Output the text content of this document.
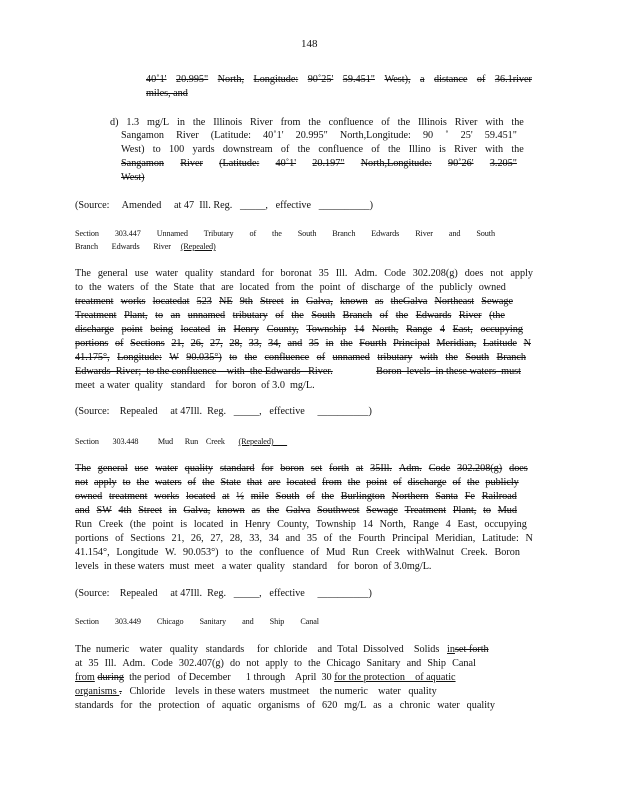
148
40˚1' 20.995" North, Longitude: 90˚25' 59.451" West), a distance of 36.1river
miles, and
d) 1.3 mg/L in the Illinois River from the confluence of the Illinois River with the
Sangamon River (Latitude: 40˚1' 20.995" North,Longitude: 90 ˚ 25' 59.451"
West) to 100 yards downstream of the confluence of the Illino is River with the
Sangamon River (Latitude: 40˚1' 20.197" North,Longitude: 90˚26' 3.205"
West)
(Source:     Amended     at 47  Ill. Reg.   _____,   effective   __________)
Section 303.447 Unnamed Tributary of the South Branch Edwards River and South
Branch       Edwards       River     (Repealed)
The general use water quality standard for boronat 35 Ill. Adm. Code 302.208(g) does not apply
to the waters of the State that are located from the point of discharge of the publicly owned
treatment works locatedat 523 NE 9th Street in Galva, known as theGalva Northeast Sewage
Treatment Plant, to an unnamed tributary of the South Branch of the Edwards River (the
discharge point being located in Henry County, Township 14 North, Range 4 East, occupying
portions of Sections 21, 26, 27, 28, 33, 34, and 35 in the Fourth Principal Meridian, Latitude N
41.175°, Longitude: W 90.035°) to the confluence of unnamed tributary with the South Branch
Edwards  River;  to the confluence    with  the Edwards   River.
	Boron  levels  in these waters  must
meet  a water  quality   standard    for  boron  of 3.0  mg/L.
(Source:    Repealed     at 47Ill.  Reg.   _____,   effective     __________)
Section       303.448          Mud      Run    Creek       (Repealed)
The general use water quality standard for boron set forth at 35Ill. Adm. Code 302.208(g) does
not apply to the waters of the State that are located from the point of discharge of the publicly
owned treatment works located at ½ mile South of the Burlington Northern Santa Fe Railroad
and SW 4th Street in Galva, known as the Galva Southwest Sewage Treatment Plant, to Mud
Run Creek (the point is located in Henry County, Township 14 North, Range 4 East, occupying
portions of Sections 21, 26, 27, 28, 33, 34 and 35 of the Fourth Principal Meridian, Latitude: N
41.154°, Longitude W. 90.053°) to the confluence of Mud Run Creek withWalnut Creek. Boron
levels  in these waters  must  meet   a water  quality   standard    for  boron  of 3.0mg/L.
(Source:    Repealed     at 47Ill.  Reg.   _____,   effective     __________)
Section 303.449 Chicago Sanitary and Ship Canal
The  numeric    water   quality   standards     for  chloride    and  Total  Dissolved    Solids   inset forth
at 35 Ill. Adm. Code 302.407(g) do not apply to the Chicago Sanitary and Ship Canal
from during  the period   of December      1 through    April  30 for the protection    of aquatic
organisms .   Chloride    levels  in these waters  mustmeet    the numeric    water   quality
standards for the protection of aquatic organisms of 620 mg/L as a chronic water quality
